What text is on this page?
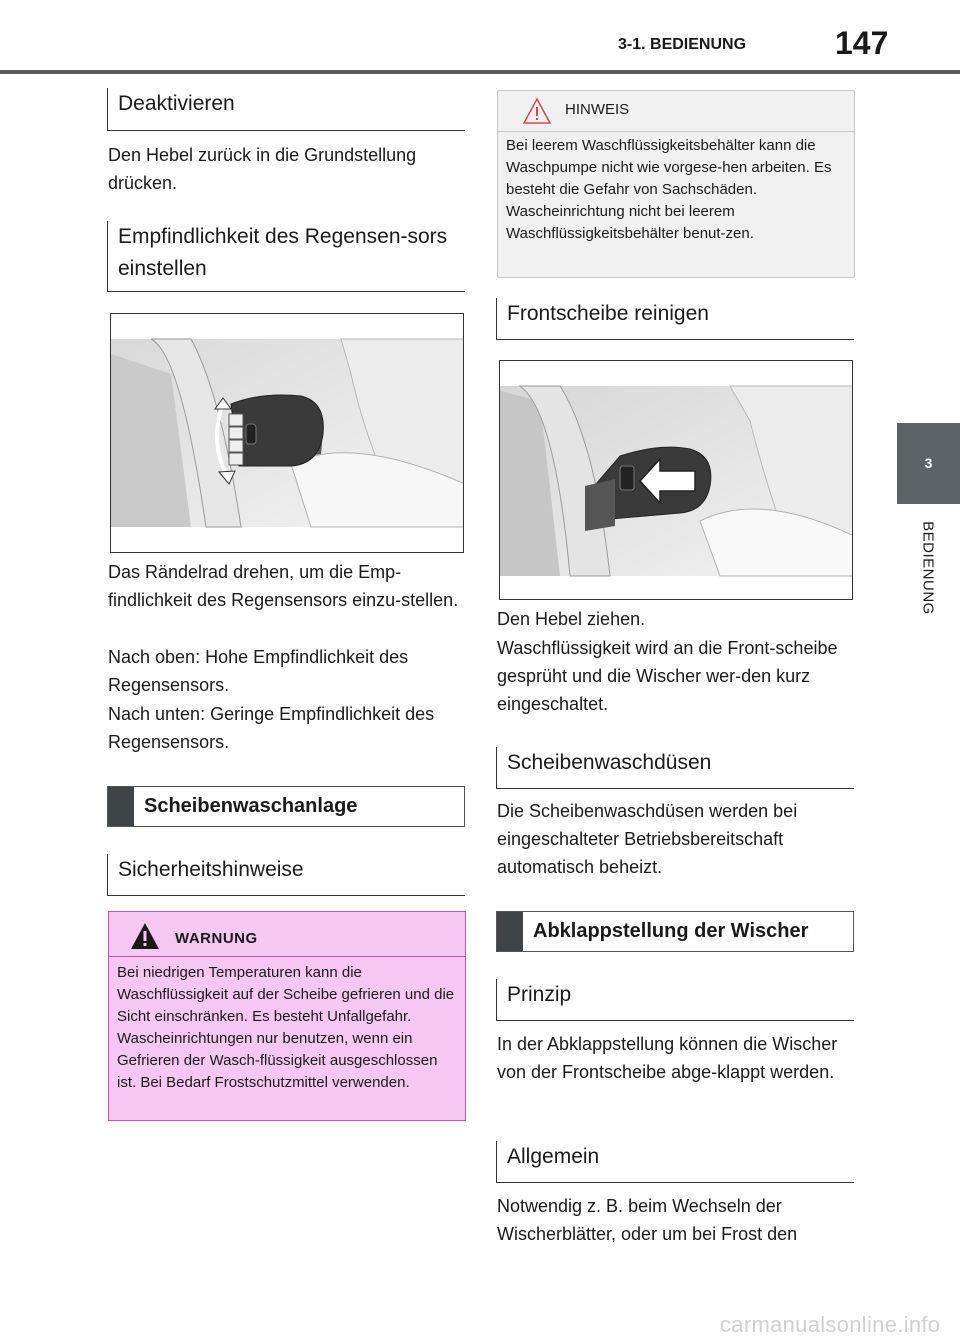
3-1. BEDIENUNG	147
3
BEDIENUNG
Deaktivieren
Den Hebel zurück in die Grundstellung drücken.
Empfindlichkeit des Regensen-sors einstellen
Das Rändelrad drehen, um die Emp-findlichkeit des Regensensors einzu-stellen.
Nach oben: Hohe Empfindlichkeit des Regensensors.
Nach unten: Geringe Empfindlichkeit des Regensensors.
Scheibenwaschanlage
Sicherheitshinweise
WARNUNG
Bei niedrigen Temperaturen kann die Waschflüssigkeit auf der Scheibe gefrieren und die Sicht einschränken. Es besteht Unfallgefahr. Wascheinrichtungen nur benutzen, wenn ein Gefrieren der Wasch-flüssigkeit ausgeschlossen ist. Bei Bedarf Frostschutzmittel verwenden.
HINWEIS
Bei leerem Waschflüssigkeitsbehälter kann die Waschpumpe nicht wie vorgese-hen arbeiten. Es besteht die Gefahr von Sachschäden. Wascheinrichtung nicht bei leerem Waschflüssigkeitsbehälter benut-zen.
Frontscheibe reinigen
Den Hebel ziehen.
Waschflüssigkeit wird an die Front-scheibe gesprüht und die Wischer wer-den kurz eingeschaltet.
Scheibenwaschdüsen
Die Scheibenwaschdüsen werden bei eingeschalteter Betriebsbereitschaft automatisch beheizt.
Abklappstellung der Wischer
Prinzip
In der Abklappstellung können die Wischer von der Frontscheibe abge-klappt werden.
Allgemein
Notwendig z. B. beim Wechseln der Wischerblätter, oder um bei Frost den
carmanualsonline.info
